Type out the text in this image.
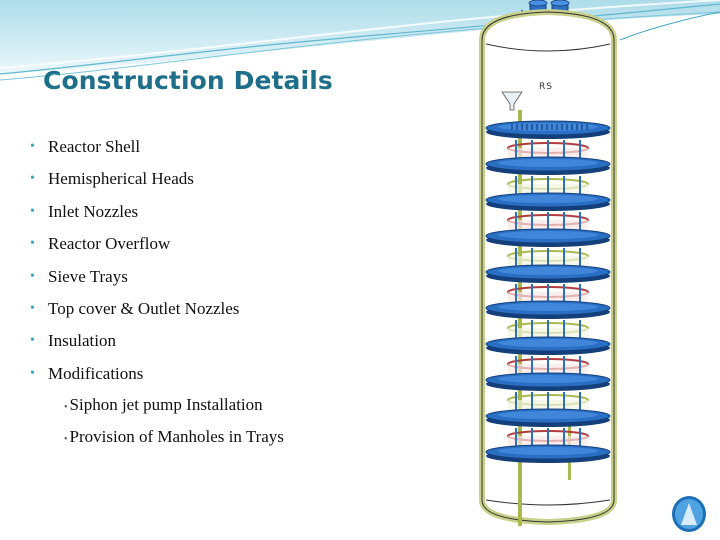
Construction Details
• Reactor Shell
• Hemispherical Heads
• Inlet Nozzles
• Reactor Overflow
• Sieve Trays
• Top cover & Outlet Nozzles
• Insulation
• Modifications
• Siphon jet pump Installation
• Provision of Manholes in Trays
RS
